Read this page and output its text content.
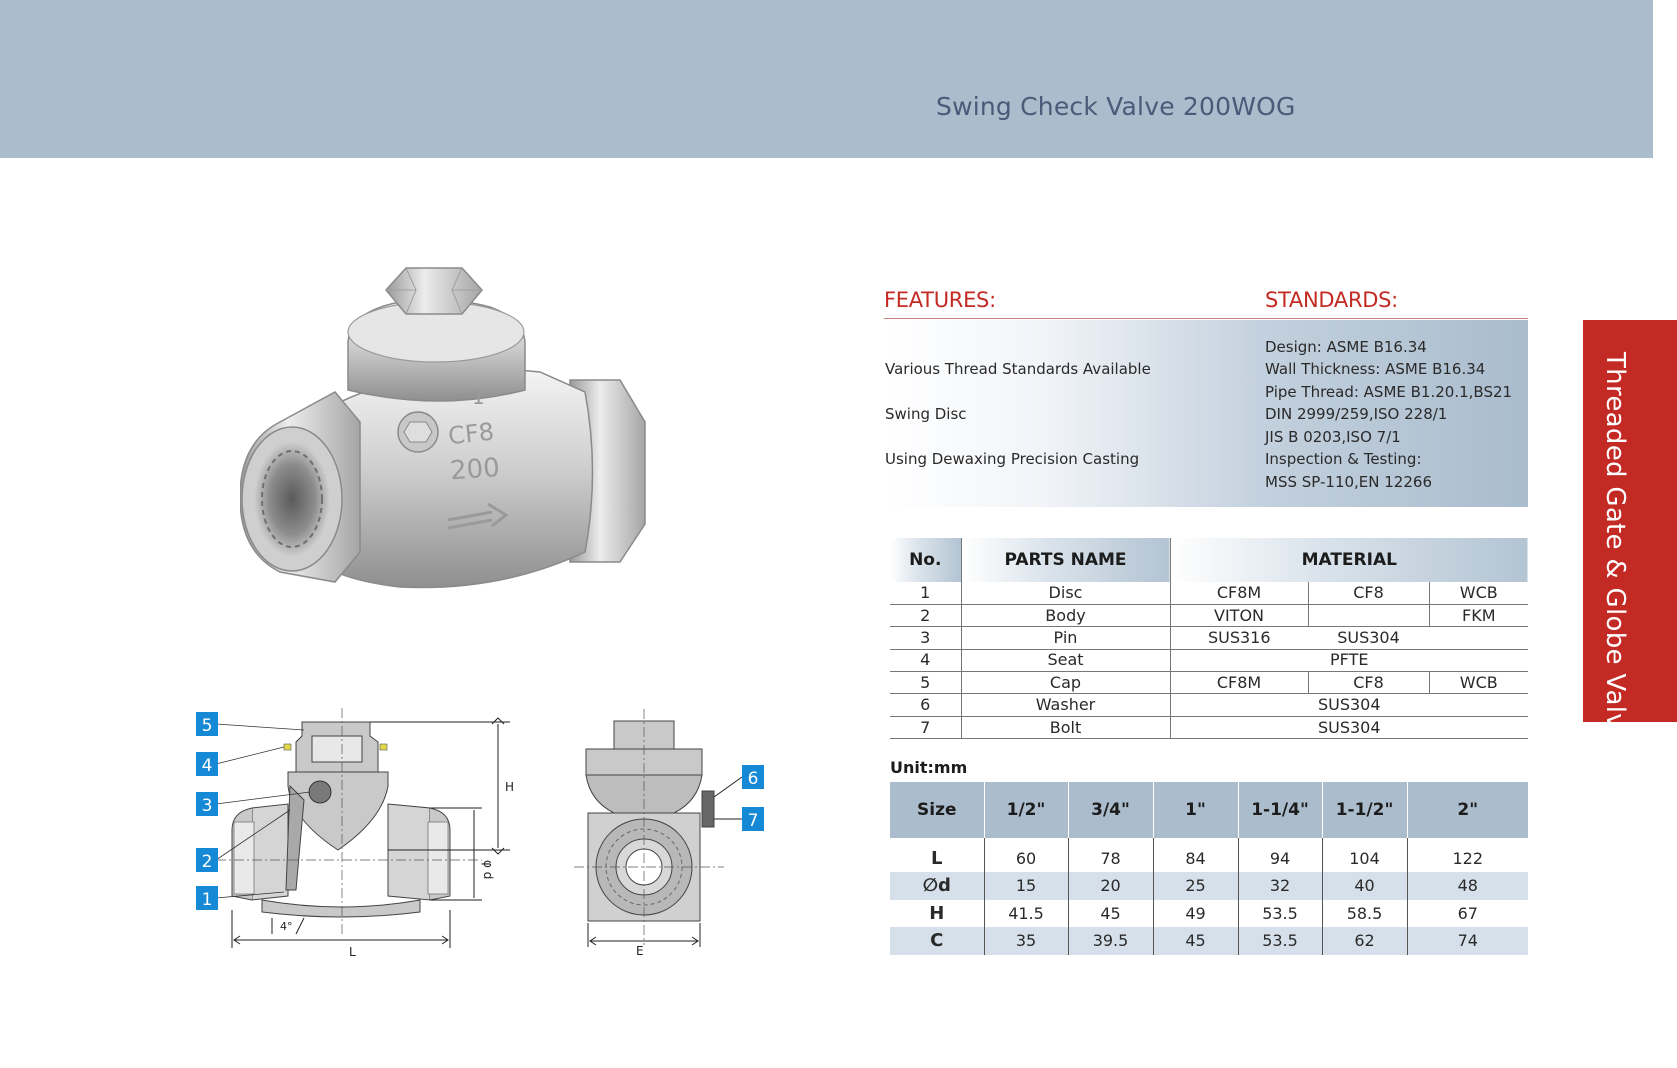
Swing Check Valve 200WOG
Threaded Gate & Globe Valves
1
CF8
200
H
φ d
L
4°
5
4
3
2
1
E
6
7
FEATURES:	STANDARDS:
Various Thread Standards Available
Swing Disc
Using Dewaxing Precision Casting
Design: ASME B16.34
Wall Thickness: ASME B16.34
Pipe Thread: ASME B1.20.1,BS21
DIN 2999/259,ISO 228/1
JIS B 0203,ISO 7/1
Inspection & Testing:
MSS SP-110,EN 12266
No.	PARTS NAME	MATERIAL		
1	Disc	CF8M	CF8	WCB
2	Body	VITON		FKM
3	Pin	SUS316	SUS304	
4	Seat	PFTE		
5	Cap	CF8M	CF8	WCB
6	Washer	SUS304		
7	Bolt	SUS304		
Unit:mm
Size	1/2"	3/4"	1"	1-1/4"	1-1/2"	2"
L	60	78	84	94	104	122
∅d	15	20	25	32	40	48
H	41.5	45	49	53.5	58.5	67
C	35	39.5	45	53.5	62	74
